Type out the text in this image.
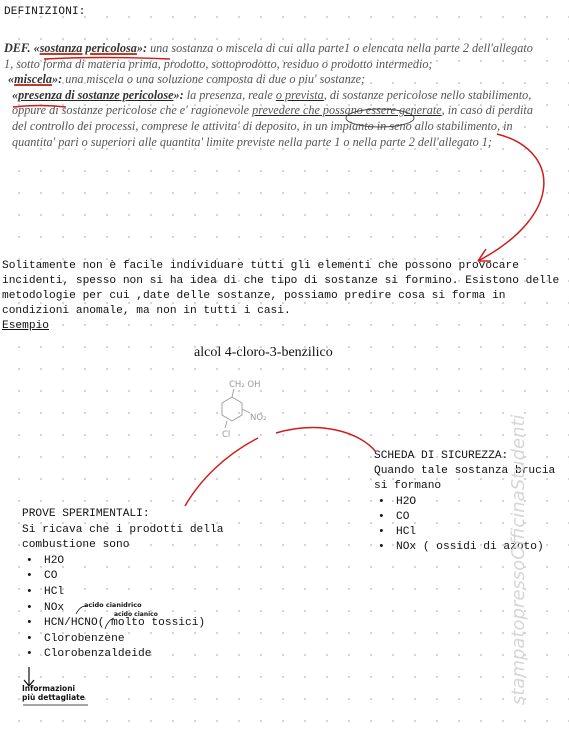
DEFINIZIONI:

DEF. «sostanza pericolosa»: una sostanza o miscela di cui alla parte1 o elencata nella parte 2 dell'allegato 1, sotto forma di materia prima, prodotto, sottoprodotto, residuo o prodotto intermedio;

«miscela»: una miscela o una soluzione composta di due o piu' sostanze;

«presenza di sostanze pericolose»: la presenza, reale o prevista, di sostanze pericolose nello stabilimento, oppure di sostanze pericolose che e' ragionevole prevedere che possano essere generate, in caso di perdita del controllo dei processi, comprese le attivita' di deposito, in un impianto in seno allo stabilimento, in quantita' pari o superiori alle quantita' limite previste nella parte 1 o nella parte 2 dell'allegato 1;

Solitamente non è facile individuare tutti gli elementi che possono provocare incidenti, spesso non si ha idea di che tipo di sostanze si formino. Esistono delle metodologie per cui ,date delle sostanze, possiamo predire cosa si forma in condizioni anomale, ma non in tutti i casi.

Esempio

alcol 4-cloro-3-benzilico
SCHEDA DI SICUREZZA:
Quando tale sostanza brucia si formano
• H2O
• CO
• HCl
• NOx ( ossidi di azoto)
PROVE SPERIMENTALI:
Si ricava che i prodotti della combustione sono
• H2O
• CO
• HCl
• NOx
• HCN/HCNO( molto tossici)
• Clorobenzene
• Clorobenzaldeide
acido cianidrico
acido cianico
Informazioni
più dettagliate	stampatopressoOfficinaStudenti
CH₂ OH
NO₂
Cl
